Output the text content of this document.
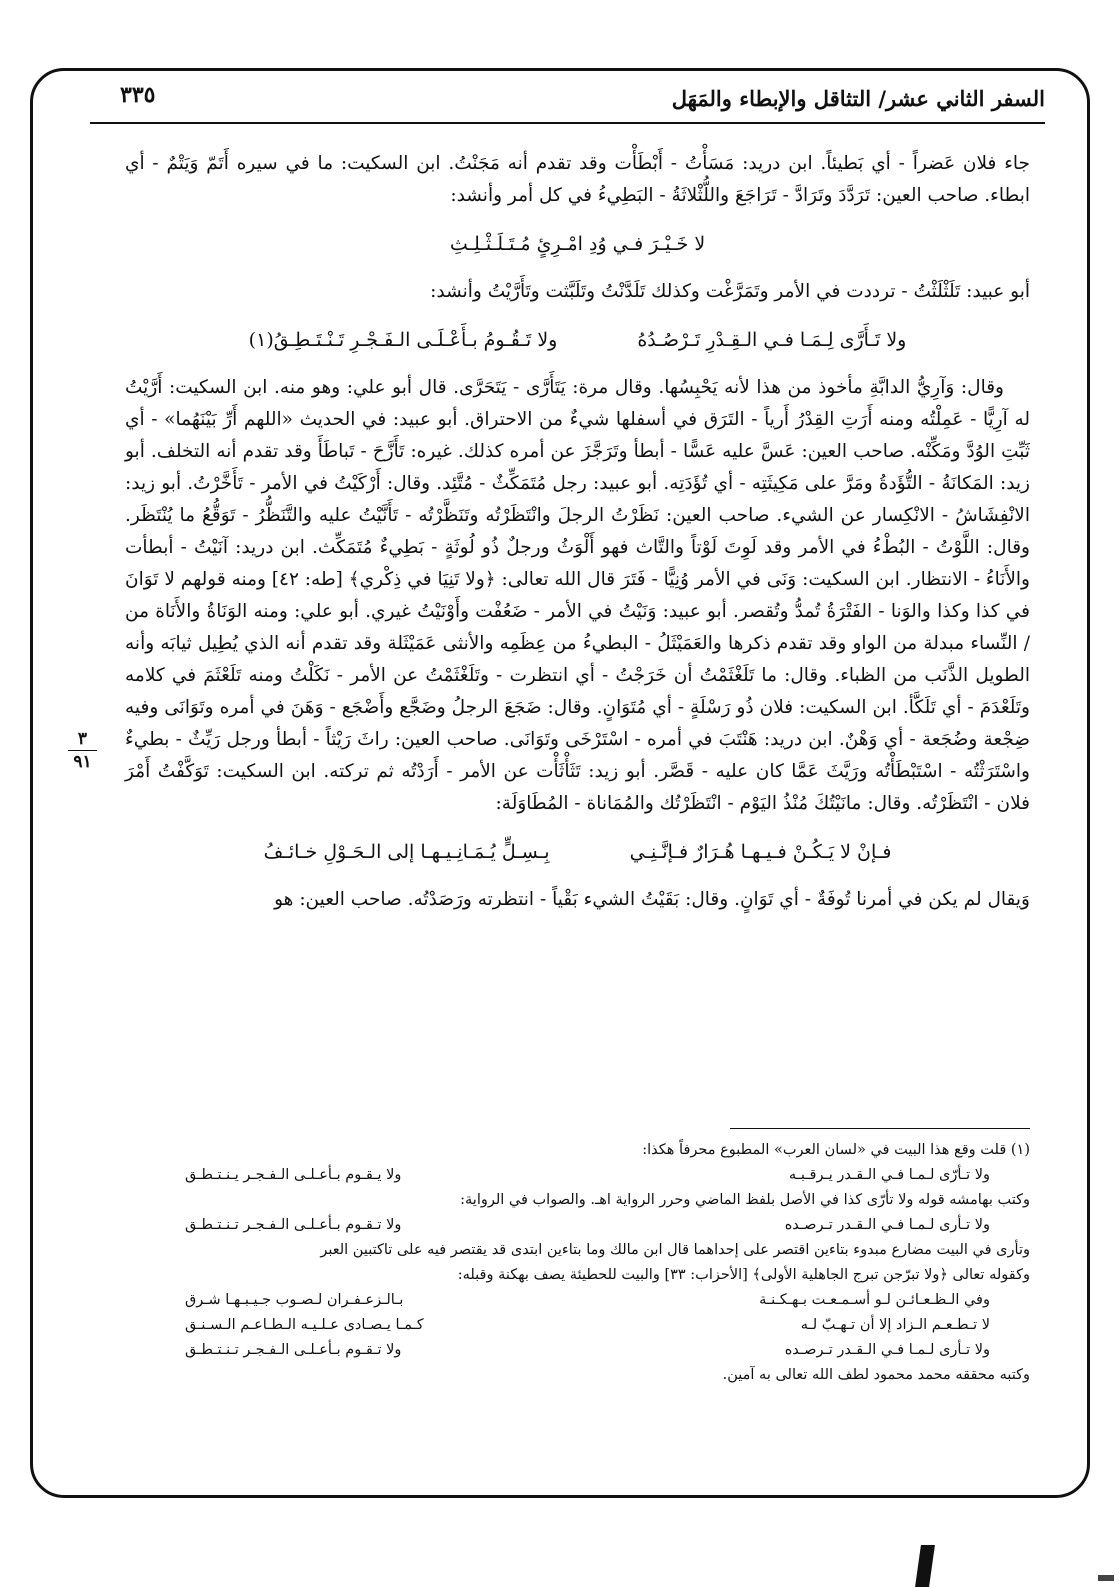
السفر الثاني عشر/ التثاقل والإبطاء والمَهَل
٣٣٥
٣
٩١

جاء فلان عَضراً - أي بَطيئاً. ابن دريد: مَسَأْتُ - أَبْطَأْت وقد تقدم أنه مَجَنْتُ. ابن السكيت: ما في سيره أَتَمّ وَيَتْمٌ - أي ابطاء. صاحب العين: تَرَدَّدَ وتَرَادَّ - تَرَاجَعَ واللُّثْلاثَةُ - البَطِيءُ في كل أمر وأنشد:

لا خَـيْـرَ فـي وُدِ امْـرِئٍ مُـتَـلَـثْـلِـثِ

أبو عبيد: تَلَثْلَثْتُ - ترددت في الأمر وتَمَرَّغْت وكذلك تَلَدَّنْتُ وتَلَبَّثت وتَأَرَّيْتُ وأنشد:

ولا تَـأَرَّى لِـمَـا فـي الـقِـدْرِ تَـرْصُـدُهُ
ولا تَـقُـومُ بـأَعْـلَـى الـفَـجْـرِ تَـنْـتَـطِـقُ(١)

وقال: وَآرِيُّ الدابَّةِ مأخوذ من هذا لأنه يَحْبِسُها. وقال مرة: يَتَأَرَّى - يَتَحَرَّى. قال أبو علي: وهو منه. ابن السكيت: أَرَّيْتُ له آرِيًّا - عَمِلْتُه ومنه أَرَتِ القِدْرُ أَرياً - التَرَق في أسفلها شيءٌ من الاحتراق. أبو عبيد: في الحديث «اللهم أَرِّ بَيْنَهُما» - أي ثَبِّتِ الوُدَّ ومَكِّنْه. صاحب العين: عَسَّ عليه عَسًّا - أبطأ وتَرَجَّزَ عن أمره كذلك. غيره: تَأَزَّحَ - تَباطَأَ وقد تقدم أنه التخلف. أبو زيد: المَكانَةُ - التُّؤَدةُ ومَرَّ على مَكِيثَتِه - أي تُؤَدَتِه. أبو عبيد: رجل مُتَمَكِّثٌ - مُتَّئِد. وقال: أَرْكَيْتُ في الأمر - تَأَخَّرْتُ. أبو زيد: الانْفِشَاشُ - الانْكِسار عن الشيء. صاحب العين: نَظَرْتُ الرجلَ وانْتَظَرْتُه وتَنَظَّرْتُه - تَأَنَّيْتُ عليه والتَّنَظُّرُ - تَوَقُّعُ ما يُنْتَظَر. وقال: اللَّوْتُ - البُطْءُ في الأمر وقد لَوِتَ لَوْتاً والتَّاث فهو أَلْوَثُ ورجلٌ ذُو لُوثَةٍ - بَطِيءٌ مُتَمَكِّث. ابن دريد: آنَيْتُ - أبطأت والأَنَاءُ - الانتظار. ابن السكيت: وَنَى في الأمر وُنِيًّا - فَتَرَ قال الله تعالى: ﴿ولا تَنِيَا في ذِكْري﴾ [طه: ٤٢] ومنه قولهم لا تَوَانَ في كذا وكذا والوَنا - الفَتْرَةُ تُمدُّ وتُقصر. أبو عبيد: وَنَيْتُ في الأمر - ضَعُفْت وأَوْنَيْتُ غيري. أبو علي: ومنه الوَنَاةُ والأَنَاة من / النِّساء مبدلة من الواو وقد تقدم ذكرها والعَمَيْثَلُ - البطيءُ من عِظَمِه والأنثى عَمَيْثَلة وقد تقدم أنه الذي يُطِيل ثيابَه وأنه الطويل الذَّنَب من الظباء. وقال: ما تَلَغْثَمْتُ أن خَرَجْتُ - أي انتظرت - وتَلَغْثَمْتُ عن الأمر - نَكَلْتُ ومنه تَلَعْثَمَ في كلامه وتَلَعْدَمَ - أي تَلَكَّأ. ابن السكيت: فلان ذُو رَسْلَةٍ - أي مُتَوَانٍ. وقال: ضَجَعَ الرجلُ وضَجَّع وأَضْجَع - وَهَنَ في أمره وتَوَانَى وفيه ضِجْعة وضُجَعة - أي وَهْنٌ. ابن دريد: هَنْتَبَ في أمره - اسْتَرْخَى وتَوَانَى. صاحب العين: راثَ رَيْثاً - أبطأ ورجل رَيِّثٌ - بطيءٌ واسْتَرَثْتُه - اسْتَبْطَأْتُه ورَيَّثَ عَمَّا كان عليه - قَصَّر. أبو زيد: تَثَأْثَأْت عن الأمر - أَرَدْتُه ثم تركته. ابن السكيت: تَوَكَّفْتُ أَمْرَ فلان - انْتَظَرْتُه. وقال: مانَيْتُكَ مُنْذُ اليَوْم - انْتَظَرْتُك والمُمَاناة - المُطَاوَلَة:

فـإنْ لا يَـكُـنْ فـيـهـا هُـرَارٌ فـإنَّـنِـي
بِـسِـلٍّ يُـمَـانِـيـهـا إلى الـحَـوْلِ خـائـفُ

وَيقال لم يكن في أمرنا تُوفَةٌ - أي تَوَانٍ. وقال: بَقَيْتُ الشيء بَقْياً - انتظرته ورَصَدْتُه. صاحب العين: هو

(١) قلت وقع هذا البيت في «لسان العرب» المطبوع محرفاً هكذا:

ولا تـأرّى لـمـا فـي الـقـدر يـرقـبـه
ولا يـقـوم بـأعـلـى الـفـجـر يـنـتـطـق

وكتب بهامشه قوله ولا تأرّى كذا في الأصل بلفظ الماضي وحرر الرواية اهـ. والصواب في الرواية:

ولا تـأرى لـمـا فـي الـقـدر تـرصـده
ولا تـقـوم بـأعـلـى الـفـجـر تـنـتـطـق

وتأرى في البيت مضارع مبدوء بتاءين اقتصر على إحداهما قال ابن مالك وما بتاءين ابتدى قد يقتصر فيه على تاكتبين العبر

وكقوله تعالى ﴿ولا تبرّجن تبرج الجاهلية الأولى﴾ [الأحزاب: ٣٣] والبيت للحطيئة يصف بهكنة وقبله:

وفي الـظـعـائـن لـو أسـمـعـت بـهـكـنـة
بـالـزعـفـران لـصـوب جـيـبـهـا شـرق
لا تـطـعـم الـزاد إلا أن تـهـبّ لـه
كـمـا يـصـادى عـلـيـه الـطـاعـم الـسـنـق
ولا تـأرى لـمـا فـي الـقـدر تـرصـده
ولا تـقـوم بـأعـلـى الـفـجـر تـنـتـطـق

وكتبه محققه محمد محمود لطف الله تعالى به آمين.
